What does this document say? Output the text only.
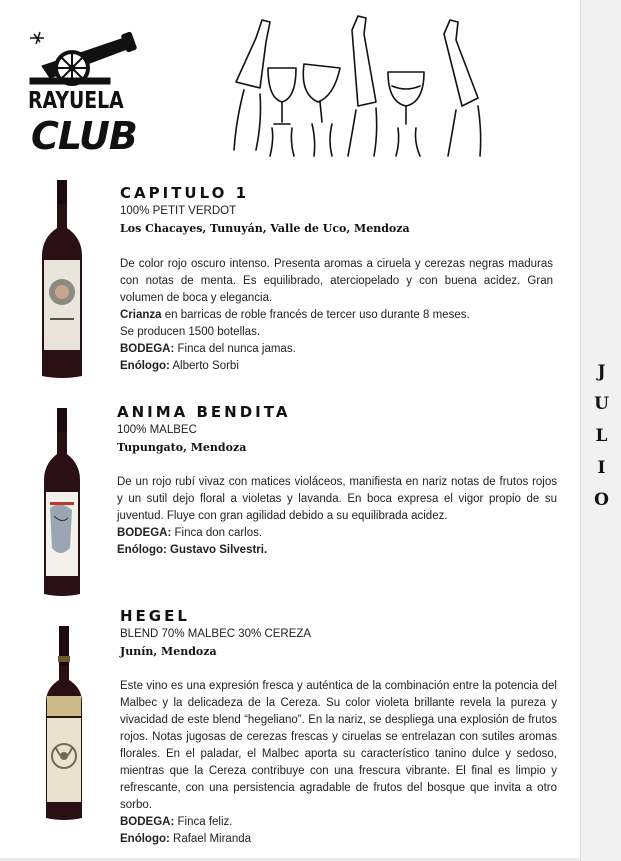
RAYUELA
CLUB
CAPITULO 1
100% PETIT VERDOT
Los Chacayes, Tunuyán, Valle de Uco, Mendoza
De color rojo oscuro intenso. Presenta aromas a ciruela y cerezas negras maduras con notas de menta. Es equilibrado, aterciopelado y con buena acidez. Gran volumen de boca y elegancia.
Crianza en barricas de roble francés de tercer uso durante 8 meses.
Se producen 1500 botellas.
BODEGA: Finca del nunca jamas.
Enólogo: Alberto Sorbi
ANIMA BENDITA
100% MALBEC
Tupungato, Mendoza
De un rojo rubí vivaz con matices violáceos, manifiesta en nariz notas de frutos rojos y un sutil dejo floral a violetas y lavanda. En boca expresa el vigor propio de su juventud. Fluye con gran agilidad debido a su equilibrada acidez.
BODEGA: Finca don carlos.
Enólogo: Gustavo Silvestri.
HEGEL
BLEND 70% MALBEC 30% CEREZA
Junín, Mendoza
Este vino es una expresión fresca y auténtica de la combinación entre la potencia del Malbec y la delicadeza de la Cereza. Su color violeta brillante revela la pureza y vivacidad de este blend “hegeliano”. En la nariz, se despliega una explosión de frutos rojos. Notas jugosas de cerezas frescas y ciruelas se entrelazan con sutiles aromas florales. En el paladar, el Malbec aporta su característico tanino dulce y sedoso, mientras que la Cereza contribuye con una frescura vibrante. El final es limpio y refrescante, con una persistencia agradable de frutos del bosque que invita a otro sorbo.
BODEGA: Finca feliz.
Enólogo: Rafael Miranda
J
U
L
I
O
